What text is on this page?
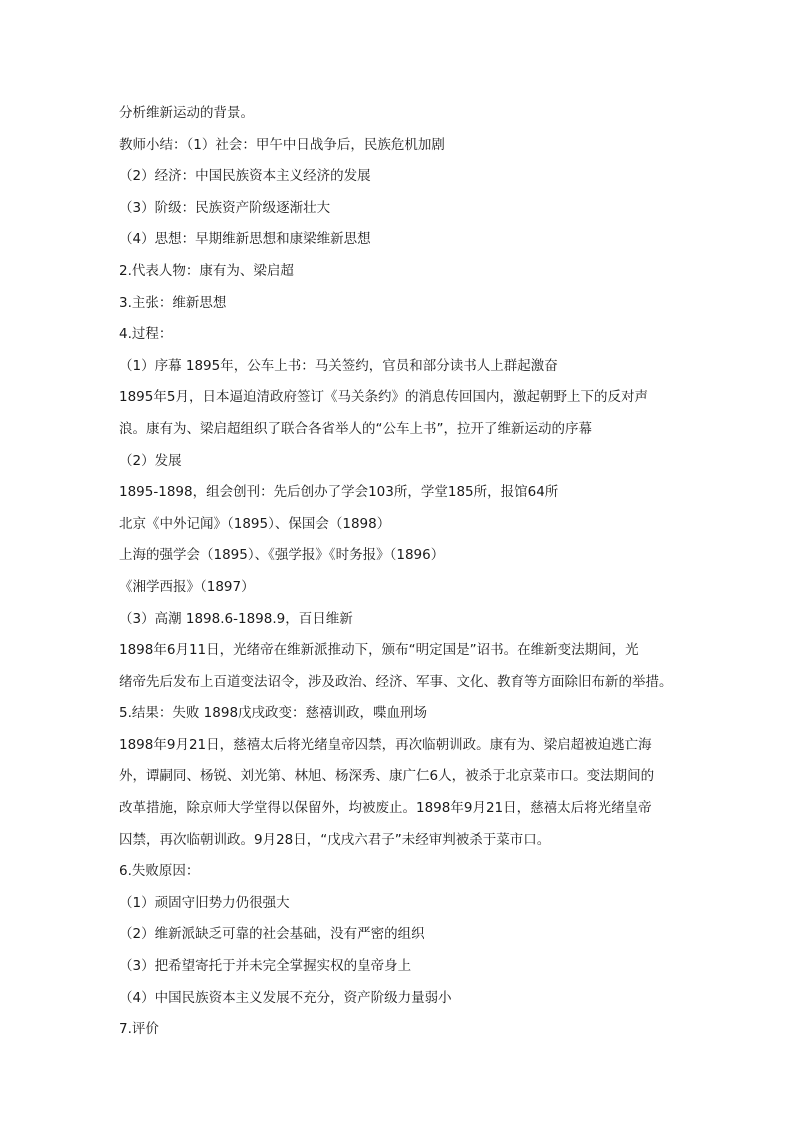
分析维新运动的背景。

教师小结：（1）社会：甲午中日战争后，民族危机加剧

（2）经济：中国民族资本主义经济的发展

（3）阶级：民族资产阶级逐渐壮大

（4）思想：早期维新思想和康梁维新思想

2.代表人物：康有为、梁启超

3.主张：维新思想

4.过程：

（1）序幕 1895年，公车上书：马关签约，官员和部分读书人上群起激奋

1895年5月，日本逼迫清政府签订《马关条约》的消息传回国内，激起朝野上下的反对声

浪。康有为、梁启超组织了联合各省举人的“公车上书”，拉开了维新运动的序幕

（2）发展

1895-1898，组会创刊：先后创办了学会103所，学堂185所，报馆64所

北京《中外记闻》（1895）、保国会（1898）

上海的强学会（1895）、《强学报》《时务报》（1896）

《湘学西报》（1897）

（3）高潮 1898.6-1898.9，百日维新

1898年6月11日，光绪帝在维新派推动下，颁布“明定国是”诏书。在维新变法期间，光

绪帝先后发布上百道变法诏令，涉及政治、经济、军事、文化、教育等方面除旧布新的举措。

5.结果：失败 1898戊戌政变：慈禧训政，喋血刑场

1898年9月21日，慈禧太后将光绪皇帝囚禁，再次临朝训政。康有为、梁启超被迫逃亡海

外，谭嗣同、杨锐、刘光第、林旭、杨深秀、康广仁6人，被杀于北京菜市口。变法期间的

改革措施，除京师大学堂得以保留外，均被废止。1898年9月21日，慈禧太后将光绪皇帝

囚禁，再次临朝训政。9月28日，“戊戌六君子”未经审判被杀于菜市口。

6.失败原因：

（1）顽固守旧势力仍很强大

（2）维新派缺乏可靠的社会基础，没有严密的组织

（3）把希望寄托于并未完全掌握实权的皇帝身上

（4）中国民族资本主义发展不充分，资产阶级力量弱小

7.评价
